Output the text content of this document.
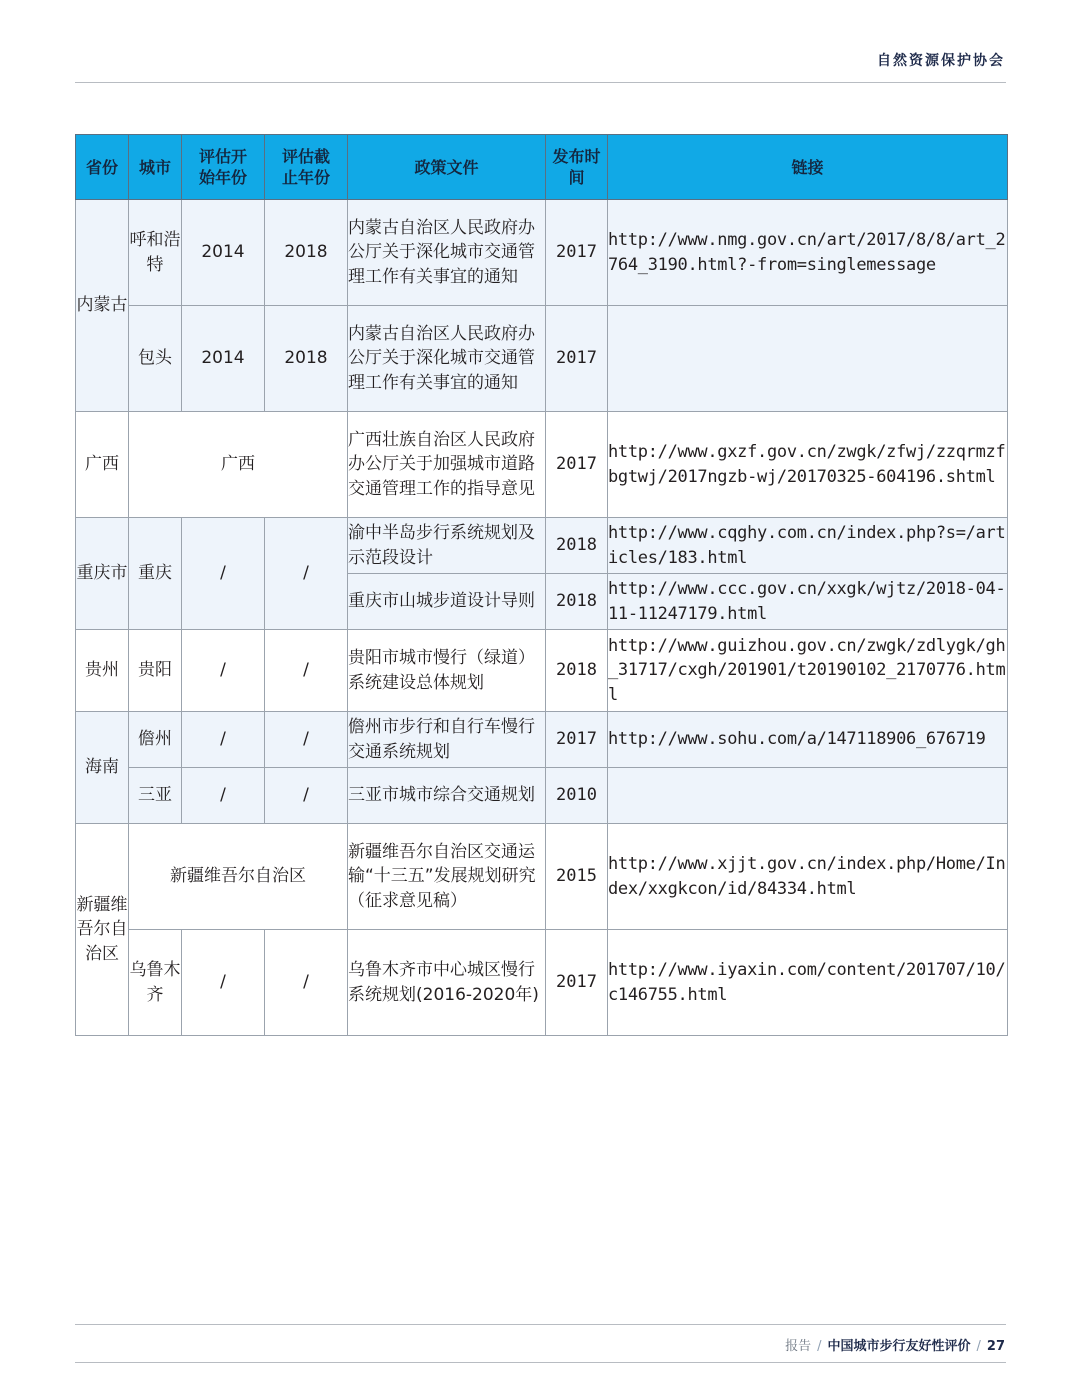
自然资源保护协会
省份	城市	评估开始年份	评估截止年份	政策文件	发布时间	链接
内蒙古	呼和浩特	2014	2018	内蒙古自治区人民政府办公厅关于深化城市交通管理工作有关事宜的通知	2017	http://www.nmg.gov.cn/art/2017/8/8/art_2764_3190.html?-from=singlemessage
	包头	2014	2018	内蒙古自治区人民政府办公厅关于深化城市交通管理工作有关事宜的通知	2017	
广西	广西			广西壮族自治区人民政府办公厅关于加强城市道路交通管理工作的指导意见	2017	http://www.gxzf.gov.cn/zwgk/zfwj/zzqrmzfbgtwj/2017ngzb-wj/20170325-604196.shtml
重庆市	重庆	/	/	渝中半岛步行系统规划及示范段设计	2018	http://www.cqghy.com.cn/index.php?s=/articles/183.html
				重庆市山城步道设计导则	2018	http://www.ccc.gov.cn/xxgk/wjtz/2018-04-11-11247179.html
贵州	贵阳	/	/	贵阳市城市慢行（绿道）系统建设总体规划	2018	http://www.guizhou.gov.cn/zwgk/zdlygk/gh_31717/cxgh/201901/t20190102_2170776.html
海南	儋州	/	/	儋州市步行和自行车慢行交通系统规划	2017	http://www.sohu.com/a/147118906_676719
	三亚	/	/	三亚市城市综合交通规划	2010	
新疆维吾尔自治区	新疆维吾尔自治区			新疆维吾尔自治区交通运输“十三五”发展规划研究（征求意见稿）	2015	http://www.xjjt.gov.cn/index.php/Home/Index/xxgkcon/id/84334.html
	乌鲁木齐	/	/	乌鲁木齐市中心城区慢行系统规划(2016-2020年)	2017	http://www.iyaxin.com/content/201707/10/c146755.html
报告 / 中国城市步行友好性评价 / 27
